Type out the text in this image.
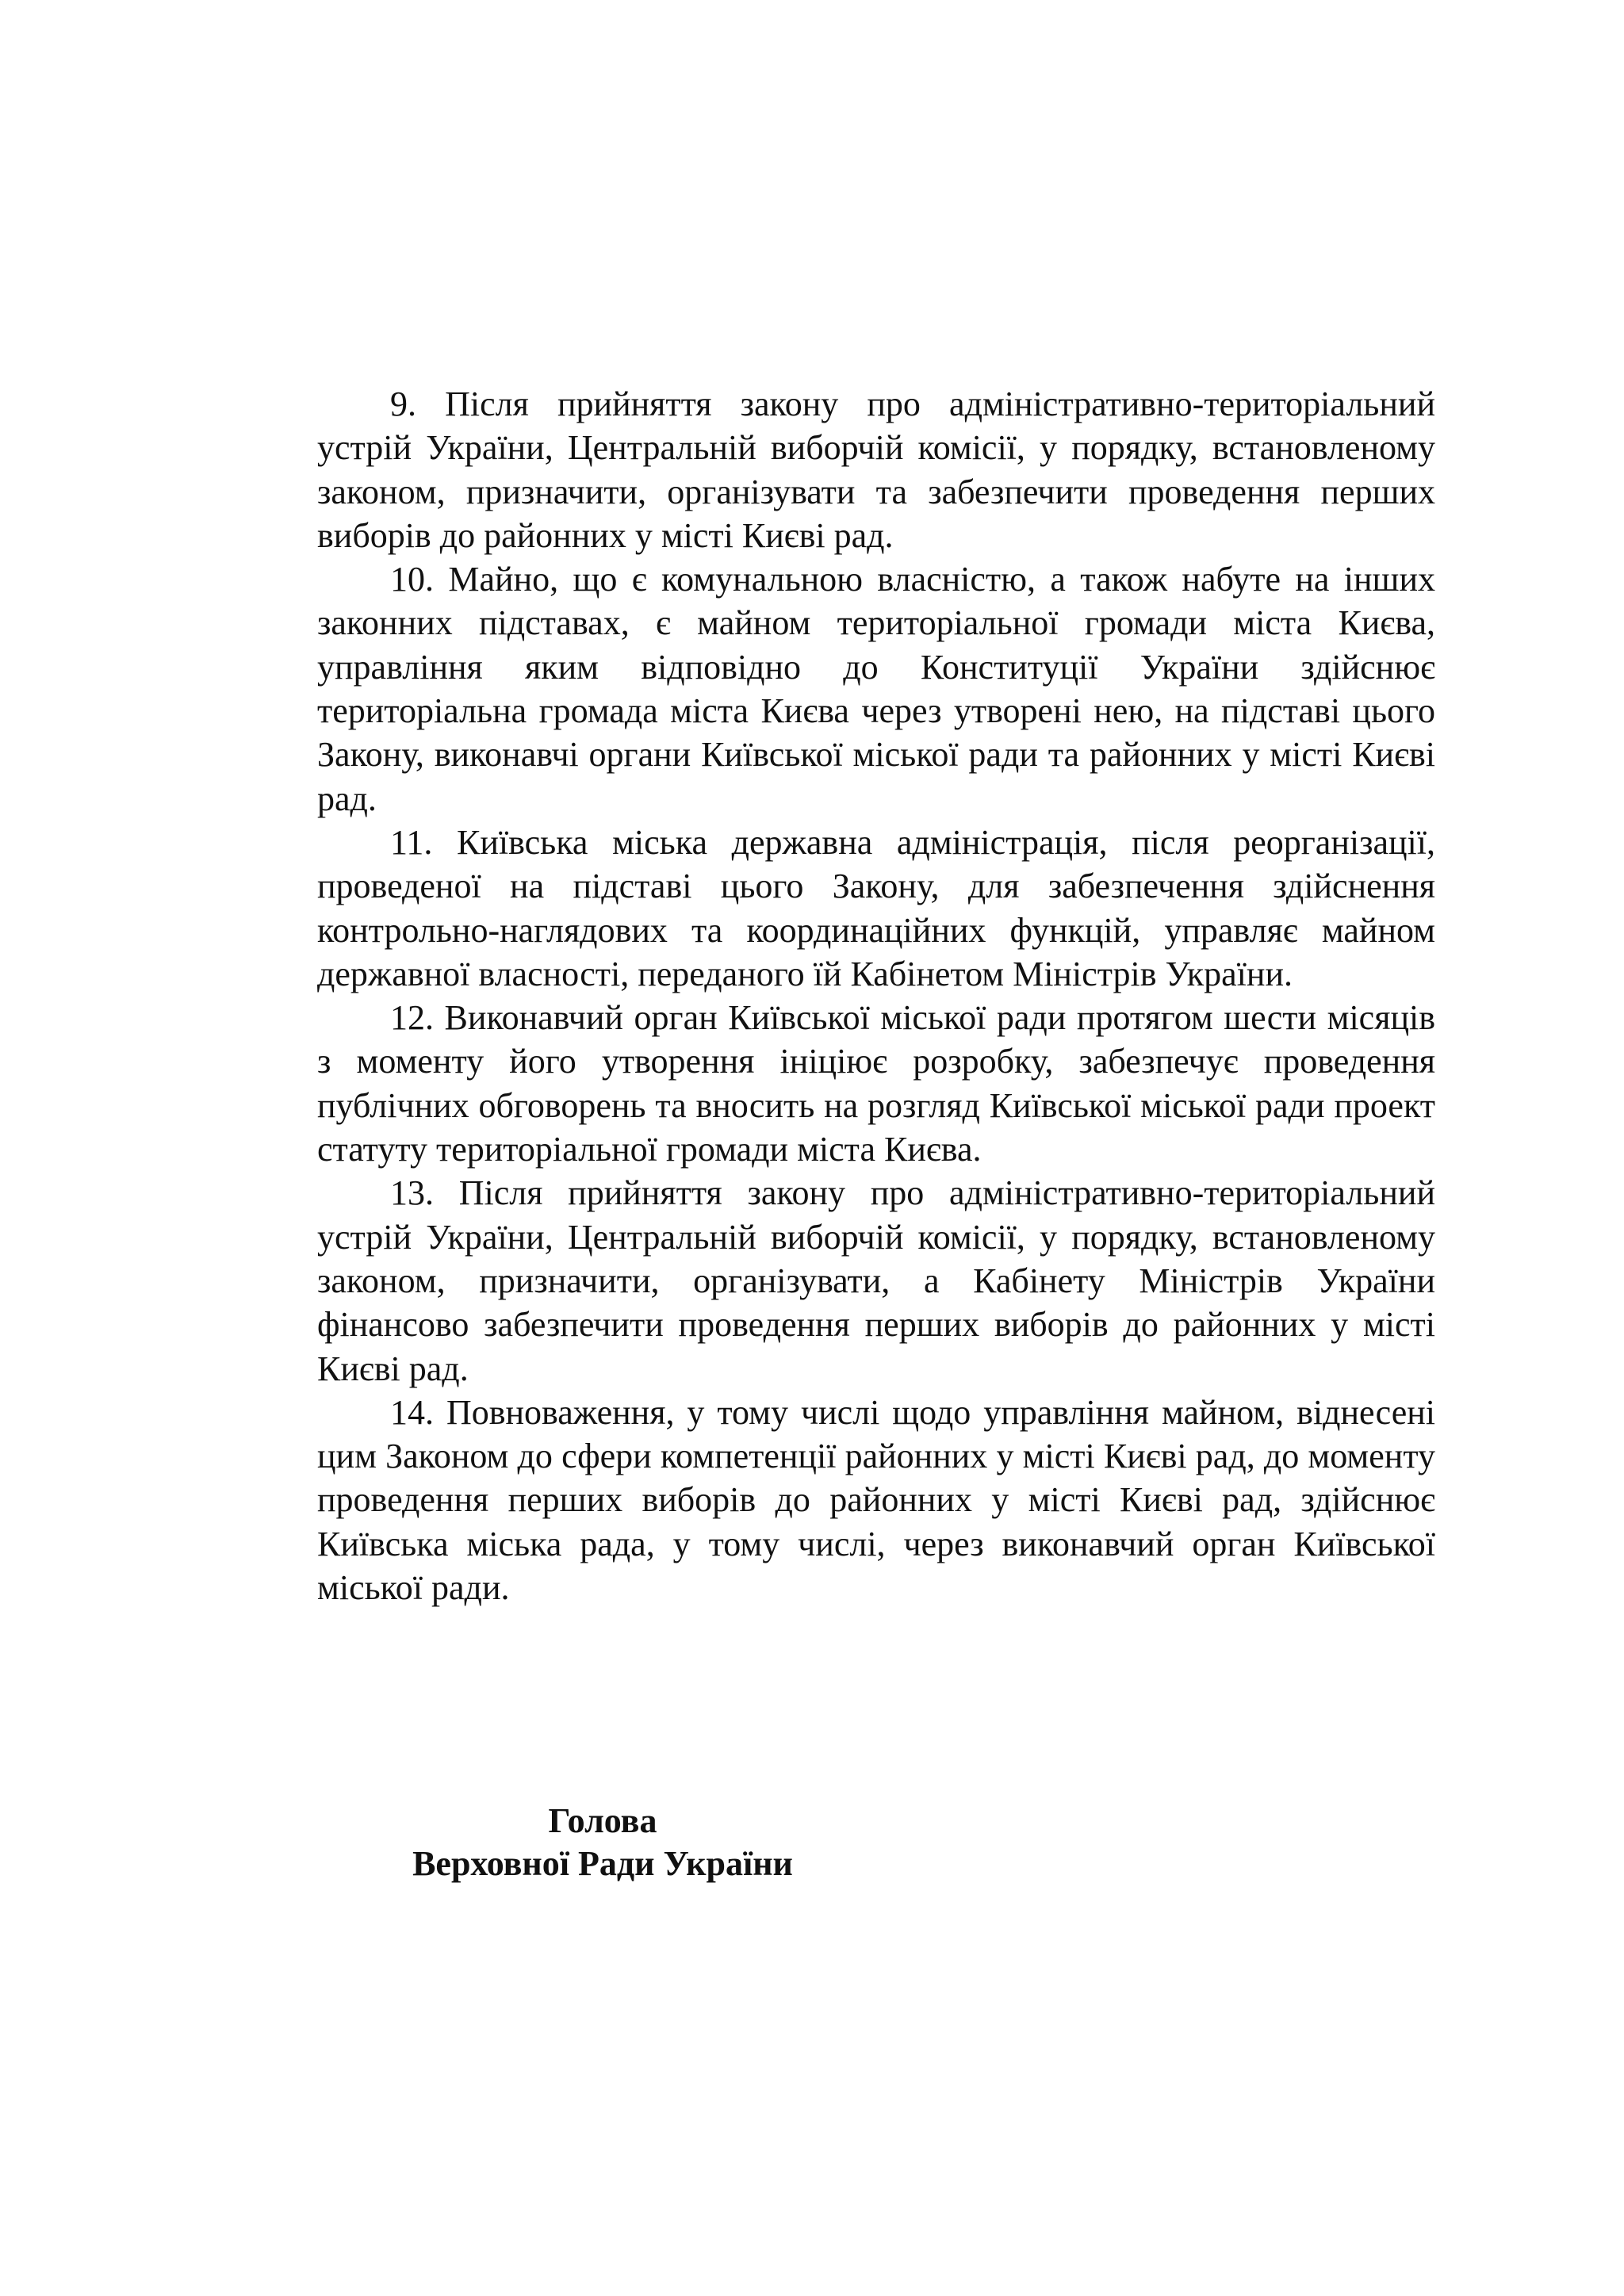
9. Після прийняття закону про адміністративно-територіальний устрій України, Центральній виборчій комісії, у порядку, встановленому законом, призначити, організувати та забезпечити проведення перших виборів до районних у місті Києві рад.

10. Майно, що є комунальною власністю, а також набуте на інших законних підставах, є майном територіальної громади міста Києва, управління яким відповідно до Конституції України здійснює територіальна громада міста Києва через утворені нею, на підставі цього Закону, виконавчі органи Київської міської ради та районних у місті Києві рад.

11. Київська міська державна адміністрація, після реорганізації, проведеної на підставі цього Закону, для забезпечення здійснення контрольно-наглядових та координаційних функцій, управляє майном державної власності, переданого їй Кабінетом Міністрів України.

12. Виконавчий орган Київської міської ради протягом шести місяців з моменту його утворення ініціює розробку, забезпечує проведення публічних обговорень та вносить на розгляд Київської міської ради проект статуту територіальної громади міста Києва.

13. Після прийняття закону про адміністративно-територіальний устрій України, Центральній виборчій комісії, у порядку, встановленому законом, призначити, організувати, а Кабінету Міністрів України фінансово забезпечити проведення перших виборів до районних у місті Києві рад.

14. Повноваження, у тому числі щодо управління майном, віднесені цим Законом до сфери компетенції районних у місті Києві рад, до моменту проведення перших виборів до районних у місті Києві рад, здійснює Київська міська рада, у тому числі, через виконавчий орган Київської міської ради.

Голова
Верховної Ради України
